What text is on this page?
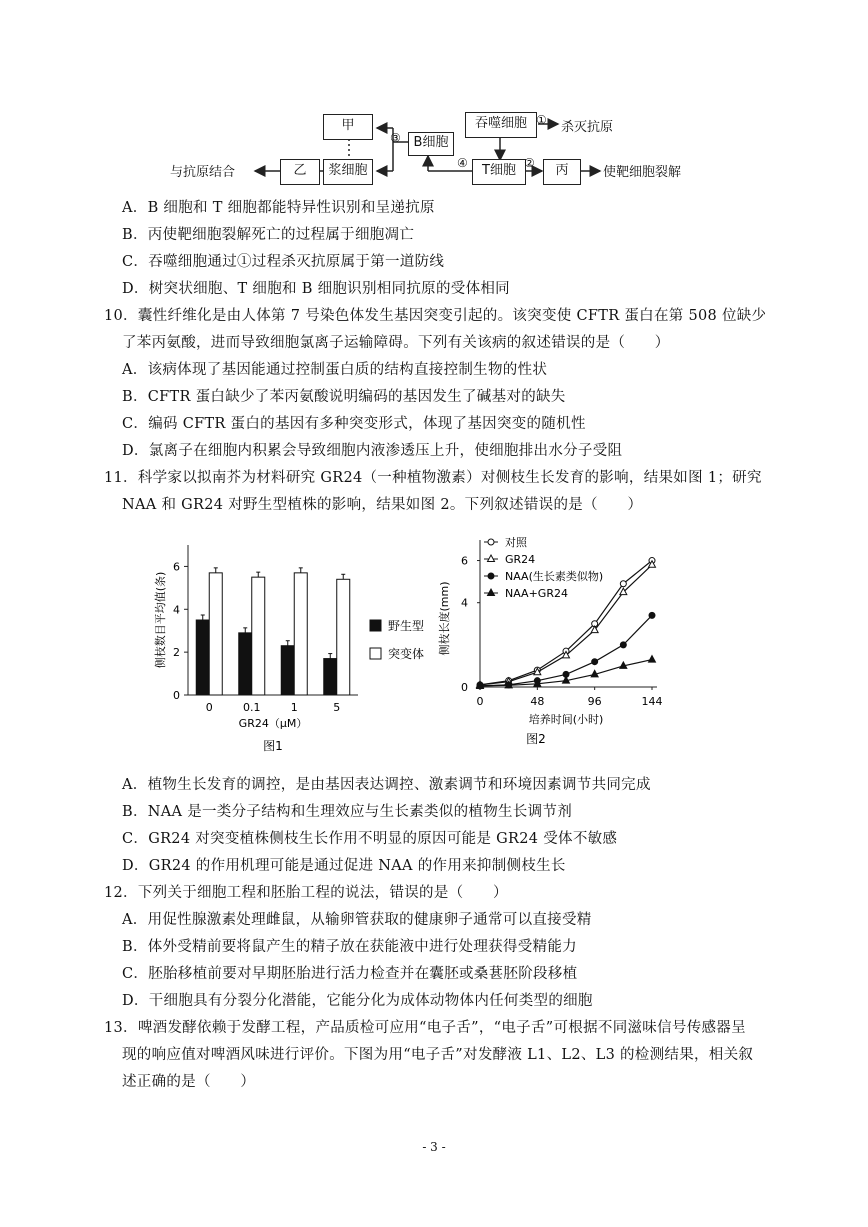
甲
乙	浆细胞
B细胞
吞噬细胞
T细胞	丙
与抗原结合
杀灭抗原
使靶细胞裂解
①
②
③
④
A．B 细胞和 T 细胞都能特异性识别和呈递抗原
B．丙使靶细胞裂解死亡的过程属于细胞凋亡
C．吞噬细胞通过①过程杀灭抗原属于第一道防线
D．树突状细胞、T 细胞和 B 细胞识别相同抗原的受体相同
10．囊性纤维化是由人体第 7 号染色体发生基因突变引起的。该突变使 CFTR 蛋白在第 508 位缺少
了苯丙氨酸，进而导致细胞氯离子运输障碍。下列有关该病的叙述错误的是（　　）
A．该病体现了基因能通过控制蛋白质的结构直接控制生物的性状
B．CFTR 蛋白缺少了苯丙氨酸说明编码的基因发生了碱基对的缺失
C．编码 CFTR 蛋白的基因有多种突变形式，体现了基因突变的随机性
D．氯离子在细胞内积累会导致细胞内液渗透压上升，使细胞排出水分子受阻
11．科学家以拟南芥为材料研究 GR24（一种植物激素）对侧枝生长发育的影响，结果如图 1；研究
NAA 和 GR24 对野生型植株的影响，结果如图 2。下列叙述错误的是（　　）
0
2
4
6
0	0.1	1	5
GR24（μM）
图1
侧枝数目平均值(条)	野生型
突变体
0
4
6
0	48	96	144
培养时间(小时)
图2
侧枝长度(mm)
对照
GR24
NAA(生长素类似物)
NAA+GR24
A．植物生长发育的调控，是由基因表达调控、激素调节和环境因素调节共同完成
B．NAA 是一类分子结构和生理效应与生长素类似的植物生长调节剂
C．GR24 对突变植株侧枝生长作用不明显的原因可能是 GR24 受体不敏感
D．GR24 的作用机理可能是通过促进 NAA 的作用来抑制侧枝生长
12．下列关于细胞工程和胚胎工程的说法，错误的是（　　）
A．用促性腺激素处理雌鼠，从输卵管获取的健康卵子通常可以直接受精
B．体外受精前要将鼠产生的精子放在获能液中进行处理获得受精能力
C．胚胎移植前要对早期胚胎进行活力检查并在囊胚或桑葚胚阶段移植
D．干细胞具有分裂分化潜能，它能分化为成体动物体内任何类型的细胞
13．啤酒发酵依赖于发酵工程，产品质检可应用“电子舌”，“电子舌”可根据不同滋味信号传感器呈
现的响应值对啤酒风味进行评价。下图为用“电子舌”对发酵液 L1、L2、L3 的检测结果，相关叙
述正确的是（　　）
- 3 -
